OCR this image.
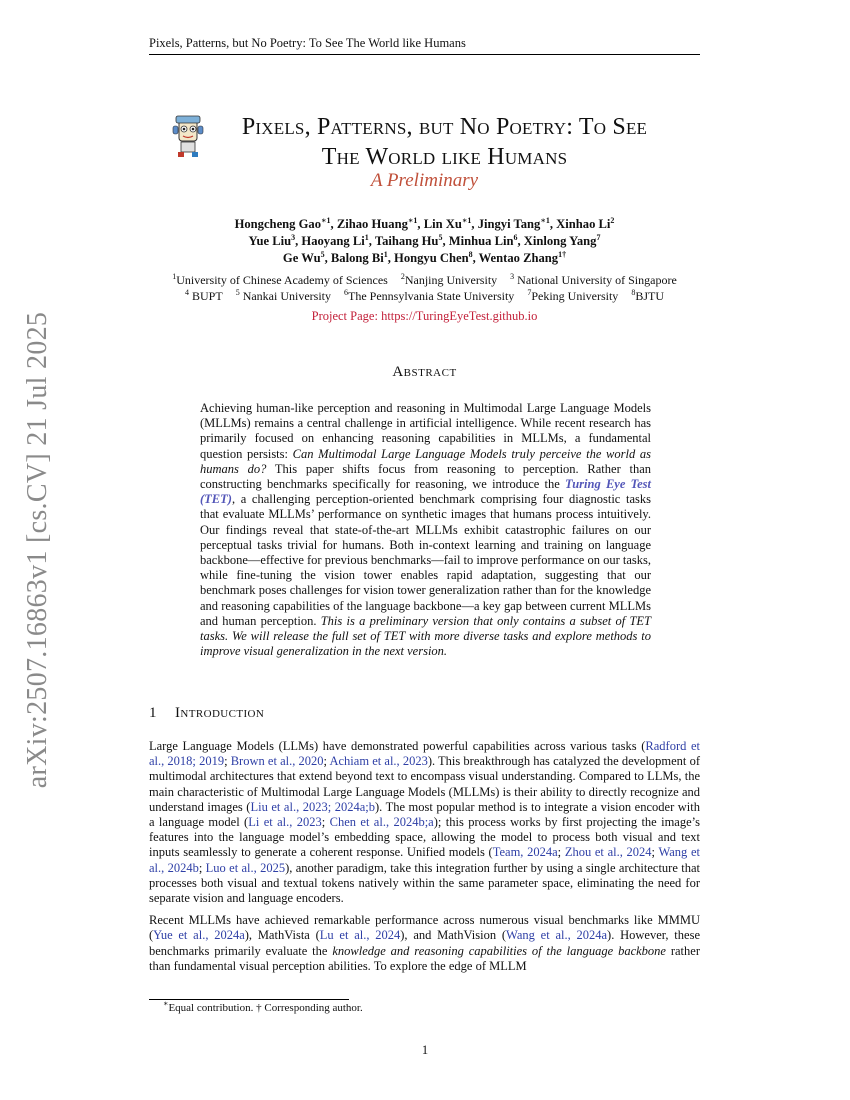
Pixels, Patterns, but No Poetry: To See The World like Humans
arXiv:2507.16863v1 [cs.CV] 21 Jul 2025
Pixels, Patterns, but No Poetry: To See
The World like Humans
A Preliminary
Hongcheng Gao$^{∗1}$, Zihao Huang$^{∗1}$, Lin $Xu^{∗1}$, Jingyi Tang$^{∗1}$, Xinhao Li$^2$
Yue Liu$^3$, Haoyang Li$^1$, Taihang Hu$^5$, Minhua Lin$^6$, Xinlong Yang$^7$
Ge Wu$^5$, Balong Bi$^1$, Hongyu Chen$^8$, Wentao Zhang$^{1\dagger}$
$^1$University of Chinese Academy of Sciences $^2$Nanjing University $^3$ National University of Singapore
$^4$ BUPT $^5$ Nankai University $^6$The Pennsylvania State University $^7$Peking University $^8$BJTU
Project Page: https://TuringEyeTest.github.io
Abstract
Achieving human-like perception and reasoning in Multimodal Large Language Models (MLLMs) remains a central challenge in artificial intelligence. While recent research has primarily focused on enhancing reasoning capabilities in MLLMs, a fundamental question persists: Can Multimodal Large Language Models truly perceive the world as humans do? This paper shifts focus from reasoning to perception. Rather than constructing benchmarks specifically for reasoning, we introduce the Turing Eye Test (TET), a challenging perception-oriented benchmark comprising four diagnostic tasks that evaluate MLLMs’ performance on synthetic images that humans process intuitively. Our findings reveal that state-of-the-art MLLMs exhibit catastrophic failures on our perceptual tasks trivial for humans. Both in-context learning and training on language backbone—effective for previous benchmarks—fail to improve performance on our tasks, while fine-tuning the vision tower enables rapid adaptation, suggesting that our benchmark poses challenges for vision tower generalization rather than for the knowledge and reasoning capabilities of the language backbone—a key gap between current MLLMs and human perception. This is a preliminary version that only contains a subset of TET tasks. We will release the full set of TET with more diverse tasks and explore methods to improve visual generalization in the next version.
1 Introduction

Large Language Models (LLMs) have demonstrated powerful capabilities across various tasks (Radford et al., 2018; 2019; Brown et al., 2020; Achiam et al., 2023). This breakthrough has catalyzed the development of multimodal architectures that extend beyond text to encompass visual understanding. Compared to LLMs, the main characteristic of Multimodal Large Language Models (MLLMs) is their ability to directly recognize and understand images (Liu et al., 2023; 2024a;b). The most popular method is to integrate a vision encoder with a language model (Li et al., 2023; Chen et al., 2024b;a); this process works by first projecting the image’s features into the language model’s embedding space, allowing the model to process both visual and text inputs seamlessly to generate a coherent response. Unified models (Team, 2024a; Zhou et al., 2024; Wang et al., 2024b; Luo et al., 2025), another paradigm, take this integration further by using a single architecture that processes both visual and textual tokens natively within the same parameter space, eliminating the need for separate vision and language encoders.

Recent MLLMs have achieved remarkable performance across numerous visual benchmarks like MMMU (Yue et al., 2024a), MathVista (Lu et al., 2024), and MathVision (Wang et al., 2024a). However, these benchmarks primarily evaluate the knowledge and reasoning capabilities of the language backbone rather than fundamental visual perception abilities. To explore the edge of MLLM

∗Equal contribution. † Corresponding author.
1
